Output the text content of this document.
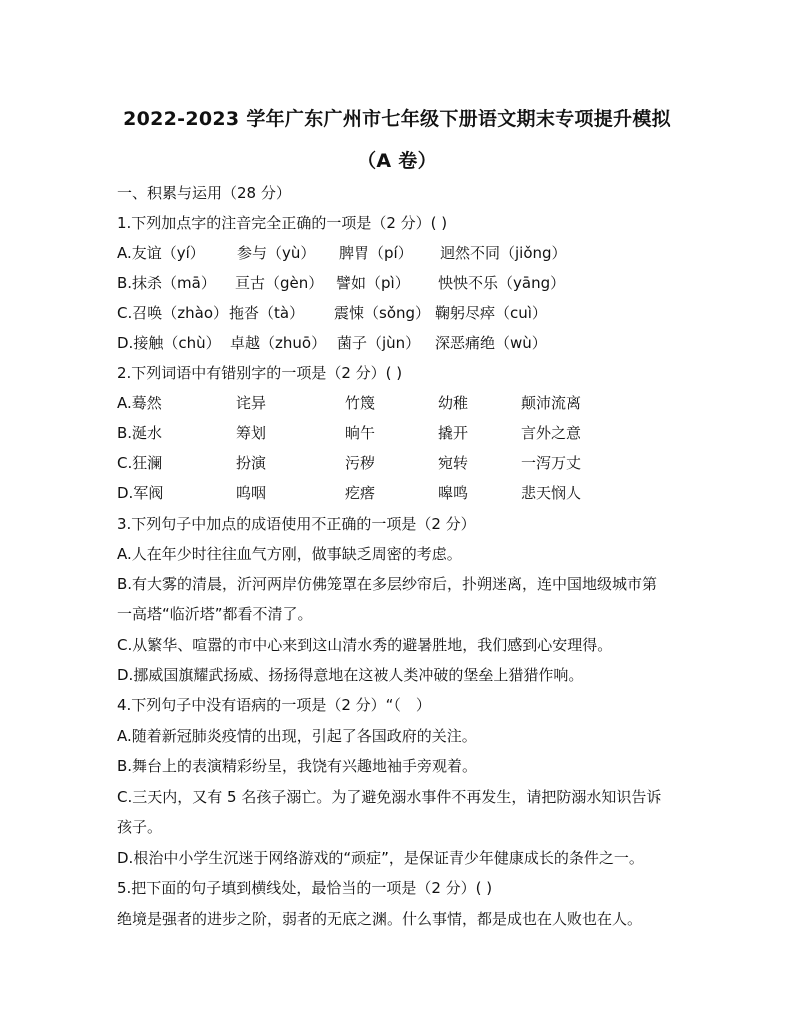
2022-2023 学年广东广州市七年级下册语文期末专项提升模拟
（A 卷）
一、积累与运用（28 分）
1.下列加点字的注音完全正确的一项是（2 分）( )
A.友谊（yí） 参与（yù） 脾胃（pí） 迥然不同（jiǒng）
B.抹杀（mā） 亘古（gèn） 譬如（pì） 怏怏不乐（yāng）
C.召唤（zhào） 拖沓（tà） 震悚（sǒng） 鞠躬尽瘁（cuì）
D.接触（chù） 卓越（zhuō） 菌子（jùn） 深恶痛绝（wù）
2.下列词语中有错别字的一项是（2 分）( )
A.蓦然	诧异	竹篾	幼稚	颠沛流离
B.涎水	筹划	晌午	撬开	言外之意
C.狂澜	扮演	污秽	宛转	一泻万丈
D.军阀	呜咽	疙瘩	嗥鸣	悲天悯人
3.下列句子中加点的成语使用不正确的一项是（2 分）
A.人在年少时往往血气方刚，做事缺乏周密的考虑。
B.有大雾的清晨，沂河两岸仿佛笼罩在多层纱帘后，扑朔迷离，连中国地级城市第
一高塔“临沂塔”都看不清了。
C.从繁华、喧嚣的市中心来到这山清水秀的避暑胜地，我们感到心安理得。
D.挪威国旗耀武扬威、扬扬得意地在这被人类冲破的堡垒上猎猎作响。
4.下列句子中没有语病的一项是（2 分）“（　）
A.随着新冠肺炎疫情的出现，引起了各国政府的关注。
B.舞台上的表演精彩纷呈，我饶有兴趣地袖手旁观着。
C.三天内，又有 5 名孩子溺亡。为了避免溺水事件不再发生，请把防溺水知识告诉
孩子。
D.根治中小学生沉迷于网络游戏的“顽症”，是保证青少年健康成长的条件之一。
5.把下面的句子填到横线处，最恰当的一项是（2 分）( )
绝境是强者的进步之阶，弱者的无底之渊。什么事情，都是成也在人败也在人。
